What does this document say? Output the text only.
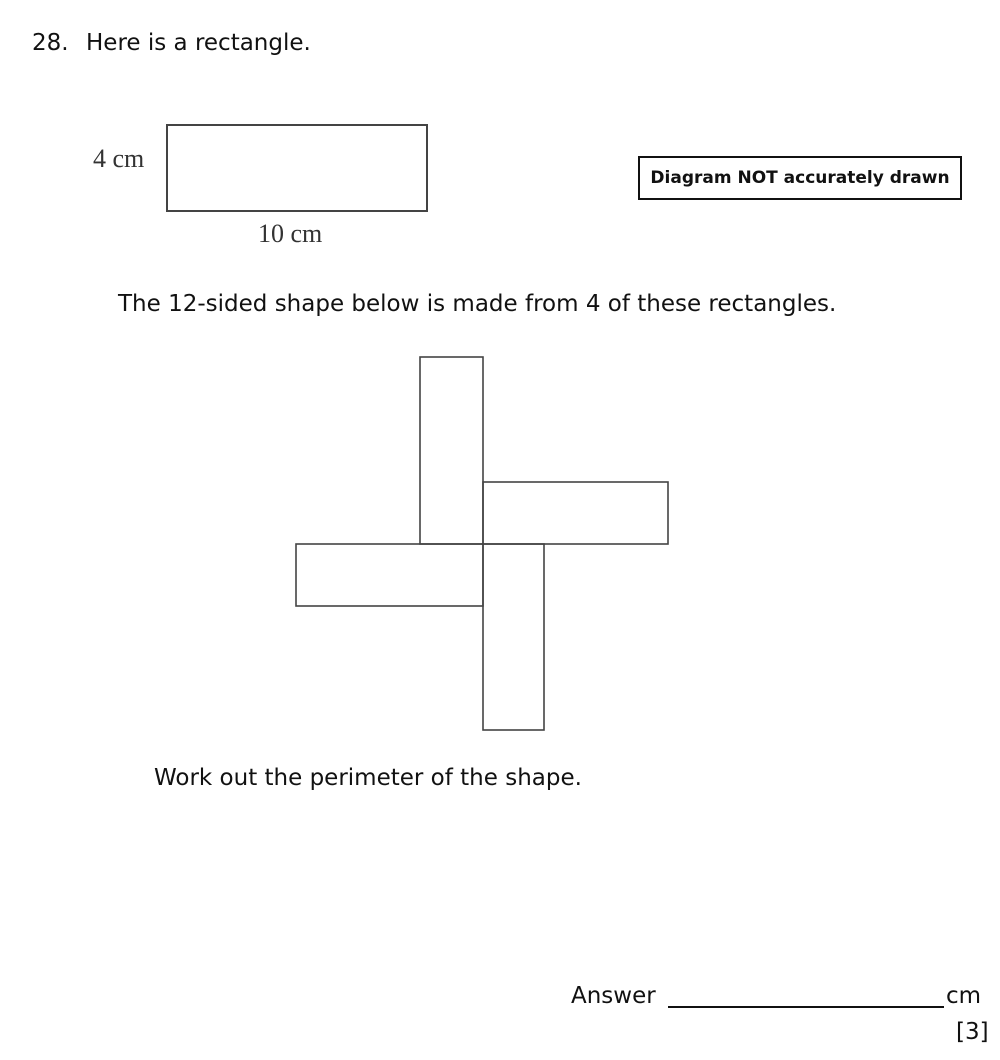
28. Here is a rectangle.
4 cm
10 cm
Diagram NOT accurately drawn
The 12-sided shape below is made from 4 of these rectangles.
Work out the perimeter of the shape.
Answer	cm
[3]
